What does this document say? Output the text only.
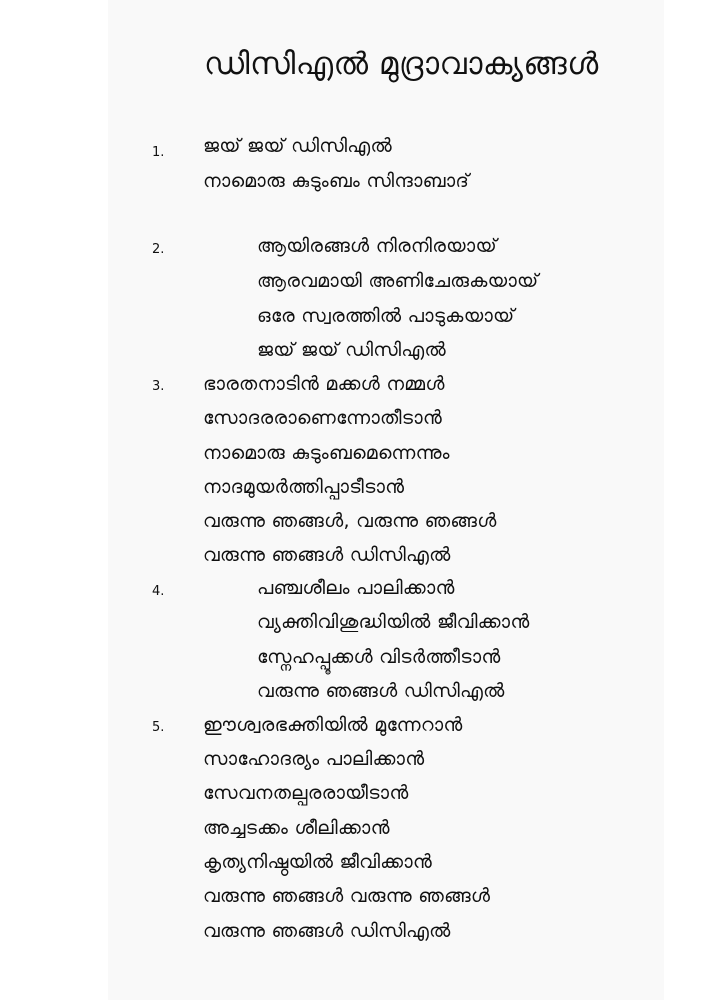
ഡിസിഎൽ മുദ്രാവാക്യങ്ങൾ
1. ജയ് ജയ് ഡിസിഎൽ
നാമൊരു കുടുംബം സിന്ദാബാദ്
2.	ആയിരങ്ങൾ നിരനിരയായ്
ആരവമായി അണിചേരുകയായ്
ഒരേ സ്വരത്തിൽ പാടുകയായ്
ജയ് ജയ് ഡിസിഎൽ
3. ഭാരതനാടിൻ മക്കൾ നമ്മൾ
സോദരരാണെന്നോതീടാൻ
നാമൊരു കുടുംബമെന്നെന്നും
നാദമുയർത്തിപ്പാടീടാൻ
വരുന്നു ഞങ്ങൾ, വരുന്നു ഞങ്ങൾ
വരുന്നു ഞങ്ങൾ ഡിസിഎൽ
4.	പഞ്ചശീലം പാലിക്കാൻ
വ്യക്തിവിശുദ്ധിയിൽ ജീവിക്കാൻ
സ്നേഹപ്പൂക്കൾ വിടർത്തീടാൻ
വരുന്നു ഞങ്ങൾ ഡിസിഎൽ
5. ഈശ്വരഭക്തിയിൽ മുന്നേറാൻ
സാഹോദര്യം പാലിക്കാൻ
സേവനതല്പരരായീടാൻ
അച്ചടക്കം ശീലിക്കാൻ
കൃത്യനിഷ്ഠയിൽ ജീവിക്കാൻ
വരുന്നു ഞങ്ങൾ വരുന്നു ഞങ്ങൾ
വരുന്നു ഞങ്ങൾ ഡിസിഎൽ
